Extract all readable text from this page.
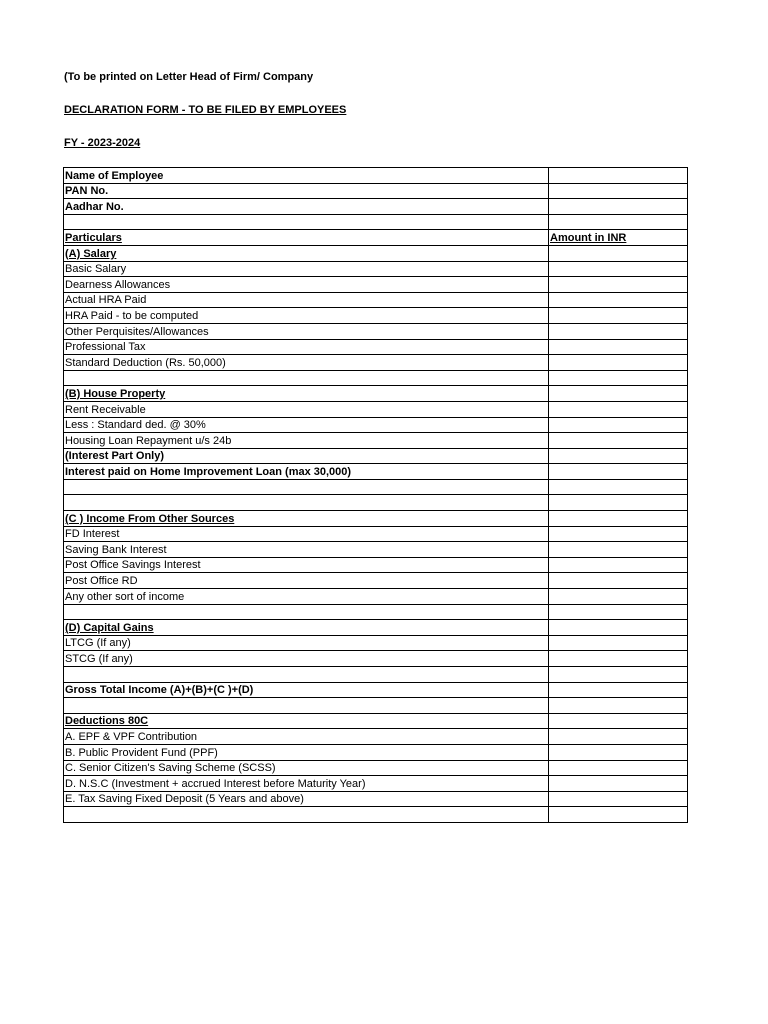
(To be printed on Letter Head of Firm/ Company
DECLARATION FORM - TO BE FILED BY EMPLOYEES
FY - 2023-2024
Name of Employee	
PAN No.	
Aadhar No.	

Particulars	Amount in INR
(A) Salary	
Basic Salary	
Dearness Allowances	
Actual HRA Paid	
HRA Paid - to be computed	
Other Perquisites/Allowances	
Professional Tax	
Standard Deduction (Rs. 50,000)	

(B) House Property	
Rent Receivable	
Less : Standard ded. @ 30%	
Housing Loan Repayment u/s 24b	
(Interest Part Only)	
Interest paid on Home Improvement Loan (max 30,000)	

(C ) Income From Other Sources	
FD Interest	
Saving Bank Interest	
Post Office Savings Interest	
Post Office RD	
Any other sort of income	

(D) Capital Gains	
LTCG (If any)	
STCG (If any)	

Gross Total Income (A)+(B)+(C )+(D)	

Deductions 80C	
A. EPF & VPF Contribution	
B. Public Provident Fund (PPF)	
C. Senior Citizen's Saving Scheme (SCSS)	
D. N.S.C (Investment + accrued Interest before Maturity Year)	
E. Tax Saving Fixed Deposit (5 Years and above)	
